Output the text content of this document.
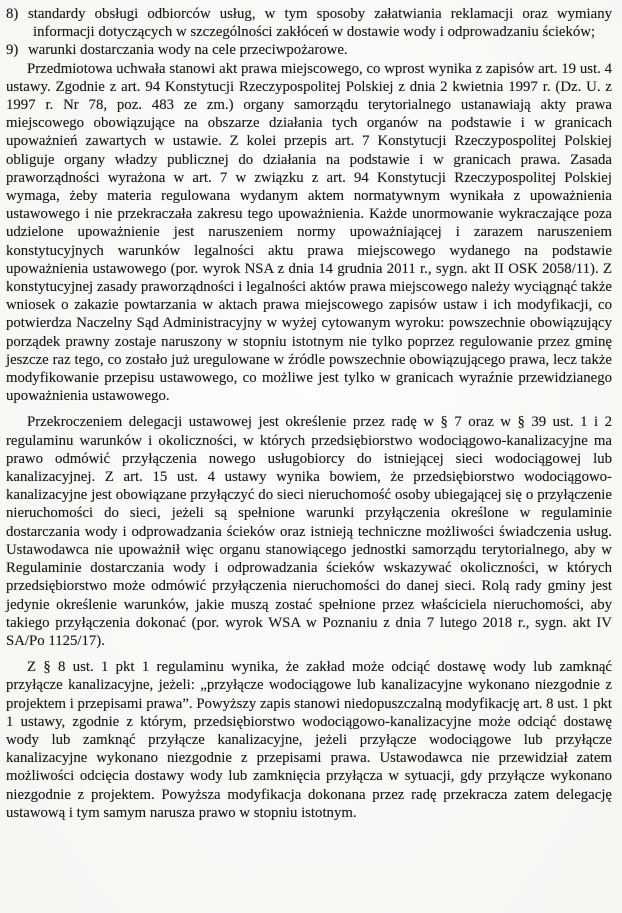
8) standardy obsługi odbiorców usług, w tym sposoby załatwiania reklamacji oraz wymiany informacji dotyczących w szczególności zakłóceń w dostawie wody i odprowadzaniu ścieków;

9) warunki dostarczania wody na cele przeciwpożarowe.

Przedmiotowa uchwała stanowi akt prawa miejscowego, co wprost wynika z zapisów art. 19 ust. 4 ustawy. Zgodnie z art. 94 Konstytucji Rzeczypospolitej Polskiej z dnia 2 kwietnia 1997 r. (Dz. U. z 1997 r. Nr 78, poz. 483 ze zm.) organy samorządu terytorialnego ustanawiają akty prawa miejscowego obowiązujące na obszarze działania tych organów na podstawie i w granicach upoważnień zawartych w ustawie. Z kolei przepis art. 7 Konstytucji Rzeczypospolitej Polskiej obliguje organy władzy publicznej do działania na podstawie i w granicach prawa. Zasada praworządności wyrażona w art. 7 w związku z art. 94 Konstytucji Rzeczypospolitej Polskiej wymaga, żeby materia regulowana wydanym aktem normatywnym wynikała z upoważnienia ustawowego i nie przekraczała zakresu tego upoważnienia. Każde unormowanie wykraczające poza udzielone upoważnienie jest naruszeniem normy upoważniającej i zarazem naruszeniem konstytucyjnych warunków legalności aktu prawa miejscowego wydanego na podstawie upoważnienia ustawowego (por. wyrok NSA z dnia 14 grudnia 2011 r., sygn. akt II OSK 2058/11). Z konstytucyjnej zasady praworządności i legalności aktów prawa miejscowego należy wyciągnąć także wniosek o zakazie powtarzania w aktach prawa miejscowego zapisów ustaw i ich modyfikacji, co potwierdza Naczelny Sąd Administracyjny w wyżej cytowanym wyroku: powszechnie obowiązujący porządek prawny zostaje naruszony w stopniu istotnym nie tylko poprzez regulowanie przez gminę jeszcze raz tego, co zostało już uregulowane w źródle powszechnie obowiązującego prawa, lecz także modyfikowanie przepisu ustawowego, co możliwe jest tylko w granicach wyraźnie przewidzianego upoważnienia ustawowego.

Przekroczeniem delegacji ustawowej jest określenie przez radę w § 7 oraz w § 39 ust. 1 i 2 regulaminu warunków i okoliczności, w których przedsiębiorstwo wodociągowo-kanalizacyjne ma prawo odmówić przyłączenia nowego usługobiorcy do istniejącej sieci wodociągowej lub kanalizacyjnej. Z art. 15 ust. 4 ustawy wynika bowiem, że przedsiębiorstwo wodociągowo-kanalizacyjne jest obowiązane przyłączyć do sieci nieruchomość osoby ubiegającej się o przyłączenie nieruchomości do sieci, jeżeli są spełnione warunki przyłączenia określone w regulaminie dostarczania wody i odprowadzania ścieków oraz istnieją techniczne możliwości świadczenia usług. Ustawodawca nie upoważnił więc organu stanowiącego jednostki samorządu terytorialnego, aby w Regulaminie dostarczania wody i odprowadzania ścieków wskazywać okoliczności, w których przedsiębiorstwo może odmówić przyłączenia nieruchomości do danej sieci. Rolą rady gminy jest jedynie określenie warunków, jakie muszą zostać spełnione przez właściciela nieruchomości, aby takiego przyłączenia dokonać (por. wyrok WSA w Poznaniu z dnia 7 lutego 2018 r., sygn. akt IV SA/Po 1125/17).

Z § 8 ust. 1 pkt 1 regulaminu wynika, że zakład może odciąć dostawę wody lub zamknąć przyłącze kanalizacyjne, jeżeli: „przyłącze wodociągowe lub kanalizacyjne wykonano niezgodnie z projektem i przepisami prawa”. Powyższy zapis stanowi niedopuszczalną modyfikację art. 8 ust. 1 pkt 1 ustawy, zgodnie z którym, przedsiębiorstwo wodociągowo-kanalizacyjne może odciąć dostawę wody lub zamknąć przyłącze kanalizacyjne, jeżeli przyłącze wodociągowe lub przyłącze kanalizacyjne wykonano niezgodnie z przepisami prawa. Ustawodawca nie przewidział zatem możliwości odcięcia dostawy wody lub zamknięcia przyłącza w sytuacji, gdy przyłącze wykonano niezgodnie z projektem. Powyższa modyfikacja dokonana przez radę przekracza zatem delegację ustawową i tym samym narusza prawo w stopniu istotnym.
